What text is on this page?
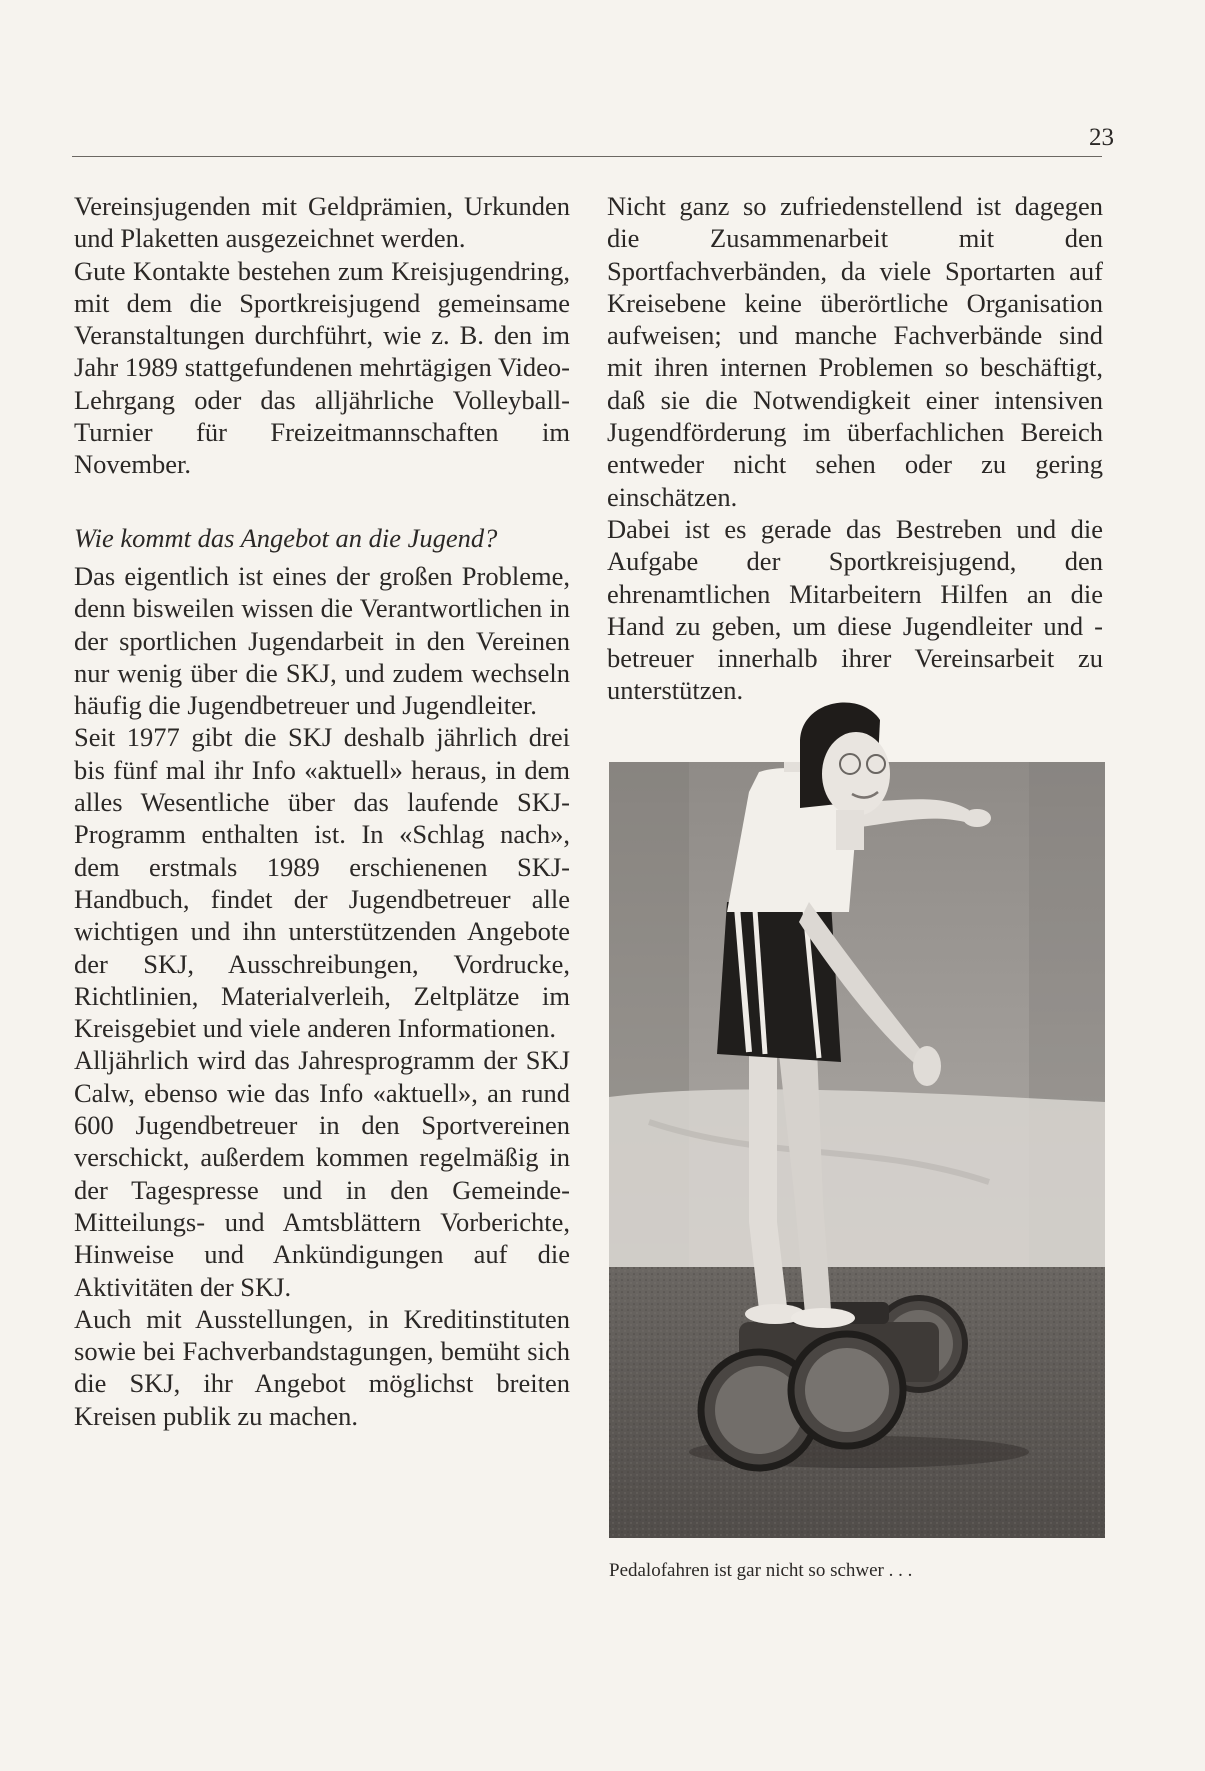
23

Vereinsjugenden mit Geldprämien, Urkunden und Plaketten ausgezeichnet werden.

Gute Kontakte bestehen zum Kreisjugendring, mit dem die Sportkreisjugend gemeinsame Veranstaltungen durchführt, wie z. B. den im Jahr 1989 stattgefundenen mehrtägigen Video-Lehrgang oder das alljährliche Volleyball-Turnier für Freizeitmannschaften im November.

Wie kommt das Angebot an die Jugend?

Das eigentlich ist eines der großen Probleme, denn bisweilen wissen die Verantwortlichen in der sportlichen Jugendarbeit in den Vereinen nur wenig über die SKJ, und zudem wechseln häufig die Jugendbetreuer und Jugendleiter.

Seit 1977 gibt die SKJ deshalb jährlich drei bis fünf mal ihr Info «aktuell» heraus, in dem alles Wesentliche über das laufende SKJ-Programm enthalten ist. In «Schlag nach», dem erstmals 1989 erschienenen SKJ-Handbuch, findet der Jugendbetreuer alle wichtigen und ihn unterstützenden Angebote der SKJ, Ausschreibungen, Vordrucke, Richtlinien, Materialverleih, Zeltplätze im Kreisgebiet und viele anderen Informationen.

Alljährlich wird das Jahresprogramm der SKJ Calw, ebenso wie das Info «aktuell», an rund 600 Jugendbetreuer in den Sportvereinen verschickt, außerdem kommen regelmäßig in der Tagespresse und in den Gemeinde-Mitteilungs- und Amtsblättern Vorberichte, Hinweise und Ankündigungen auf die Aktivitäten der SKJ.

Auch mit Ausstellungen, in Kreditinstituten sowie bei Fachverbandstagungen, bemüht sich die SKJ, ihr Angebot möglichst breiten Kreisen publik zu machen.

Nicht ganz so zufriedenstellend ist dagegen die Zusammenarbeit mit den Sportfachverbänden, da viele Sportarten auf Kreisebene keine überörtliche Organisation aufweisen; und manche Fachverbände sind mit ihren internen Problemen so beschäftigt, daß sie die Notwendigkeit einer intensiven Jugendförderung im überfachlichen Bereich entweder nicht sehen oder zu gering einschätzen.

Dabei ist es gerade das Bestreben und die Aufgabe der Sportkreisjugend, den ehrenamtlichen Mitarbeitern Hilfen an die Hand zu geben, um diese Jugendleiter und -betreuer innerhalb ihrer Vereinsarbeit zu unterstützen.

Pedalofahren ist gar nicht so schwer . . .
